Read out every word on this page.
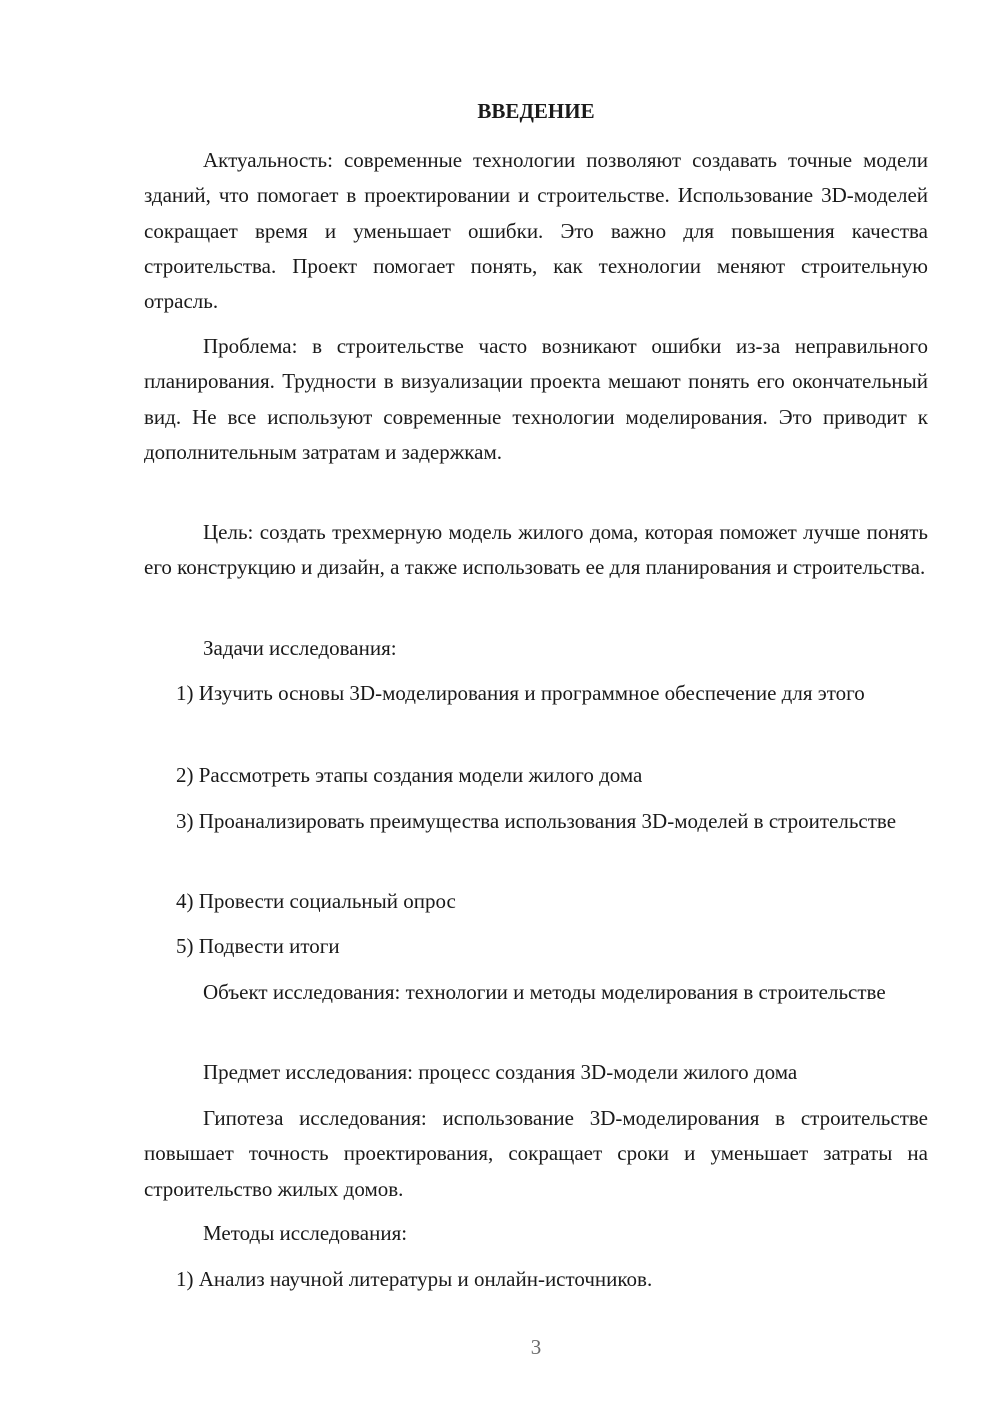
ВВЕДЕНИЕ

Актуальность: современные технологии позволяют создавать точные модели зданий, что помогает в проектировании и строительстве. Использование 3D-моделей сокращает время и уменьшает ошибки. Это важно для повышения качества строительства. Проект помогает понять, как технологии меняют строительную отрасль.

Проблема: в строительстве часто возникают ошибки из-за неправильного планирования. Трудности в визуализации проекта мешают понять его окончательный вид. Не все используют современные технологии моделирования. Это приводит к дополнительным затратам и задержкам.

Цель: создать трехмерную модель жилого дома, которая поможет лучше понять его конструкцию и дизайн, а также использовать ее для планирования и строительства.

Задачи исследования:

1) Изучить основы 3D-моделирования и программное обеспечение для этого

2) Рассмотреть этапы создания модели жилого дома

3) Проанализировать преимущества использования 3D-моделей в строительстве

4) Провести социальный опрос

5) Подвести итоги

Объект исследования: технологии и методы моделирования в строительстве

Предмет исследования: процесс создания 3D-модели жилого дома

Гипотеза исследования: использование 3D-моделирования в строительстве повышает точность проектирования, сокращает сроки и уменьшает затраты на строительство жилых домов.

Методы исследования:

1) Анализ научной литературы и онлайн-источников.

3
